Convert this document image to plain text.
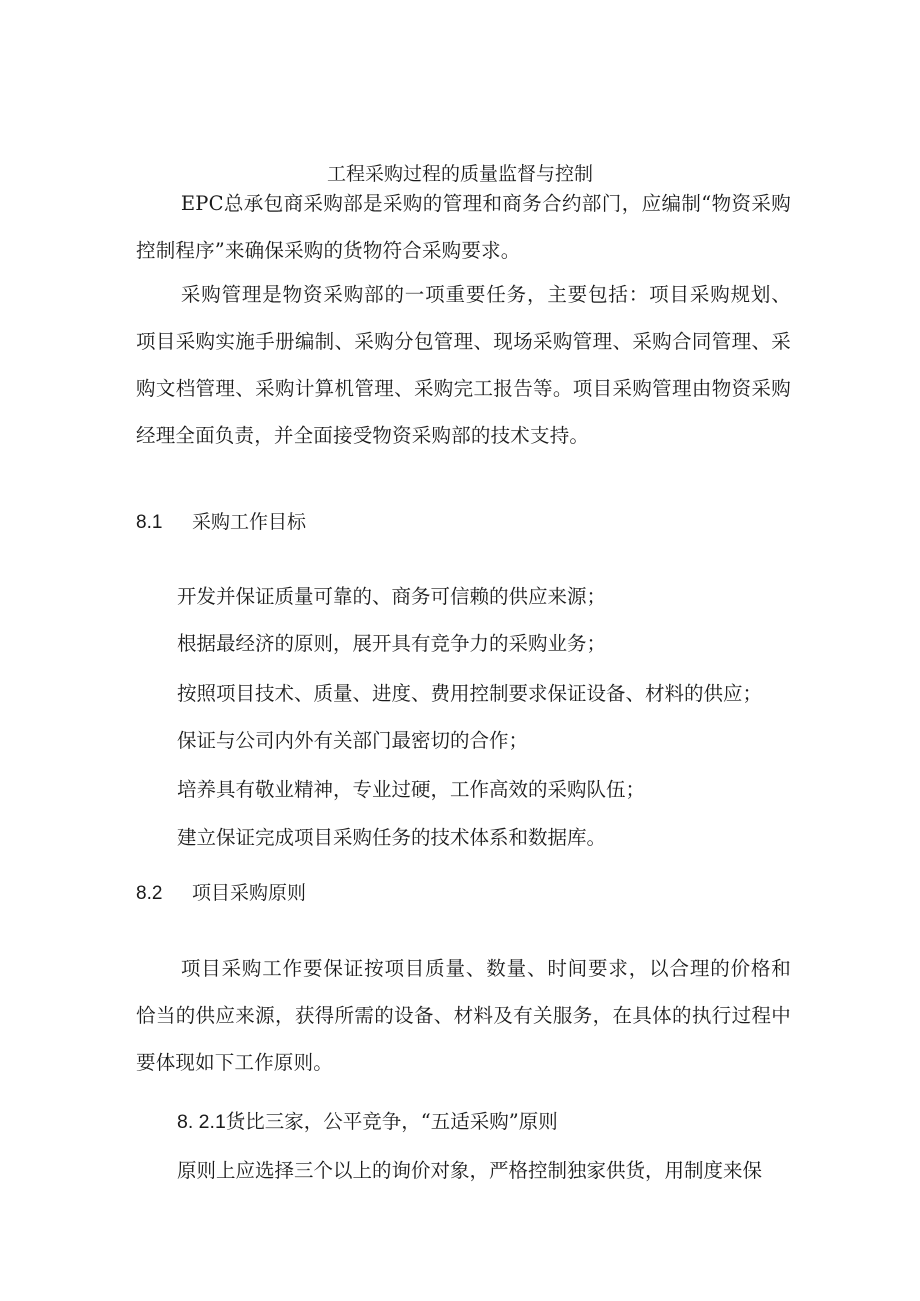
工程采购过程的质量监督与控制

EPC总承包商采购部是采购的管理和商务合约部门，应编制“物资采购控制程序”来确保采购的货物符合采购要求。

采购管理是物资采购部的一项重要任务，主要包括：项目采购规划、项目采购实施手册编制、采购分包管理、现场采购管理、采购合同管理、采购文档管理、采购计算机管理、采购完工报告等。项目采购管理由物资采购经理全面负责，并全面接受物资采购部的技术支持。

8.1 采购工作目标

开发并保证质量可靠的、商务可信赖的供应来源；

根据最经济的原则，展开具有竞争力的采购业务；

按照项目技术、质量、进度、费用控制要求保证设备、材料的供应；

保证与公司内外有关部门最密切的合作；

培养具有敬业精神，专业过硬，工作高效的采购队伍；

建立保证完成项目采购任务的技术体系和数据库。

8.2 项目采购原则

项目采购工作要保证按项目质量、数量、时间要求，以合理的价格和恰当的供应来源，获得所需的设备、材料及有关服务，在具体的执行过程中要体现如下工作原则。

8. 2.1货比三家，公平竞争，“五适采购”原则

原则上应选择三个以上的询价对象，严格控制独家供货，用制度来保
